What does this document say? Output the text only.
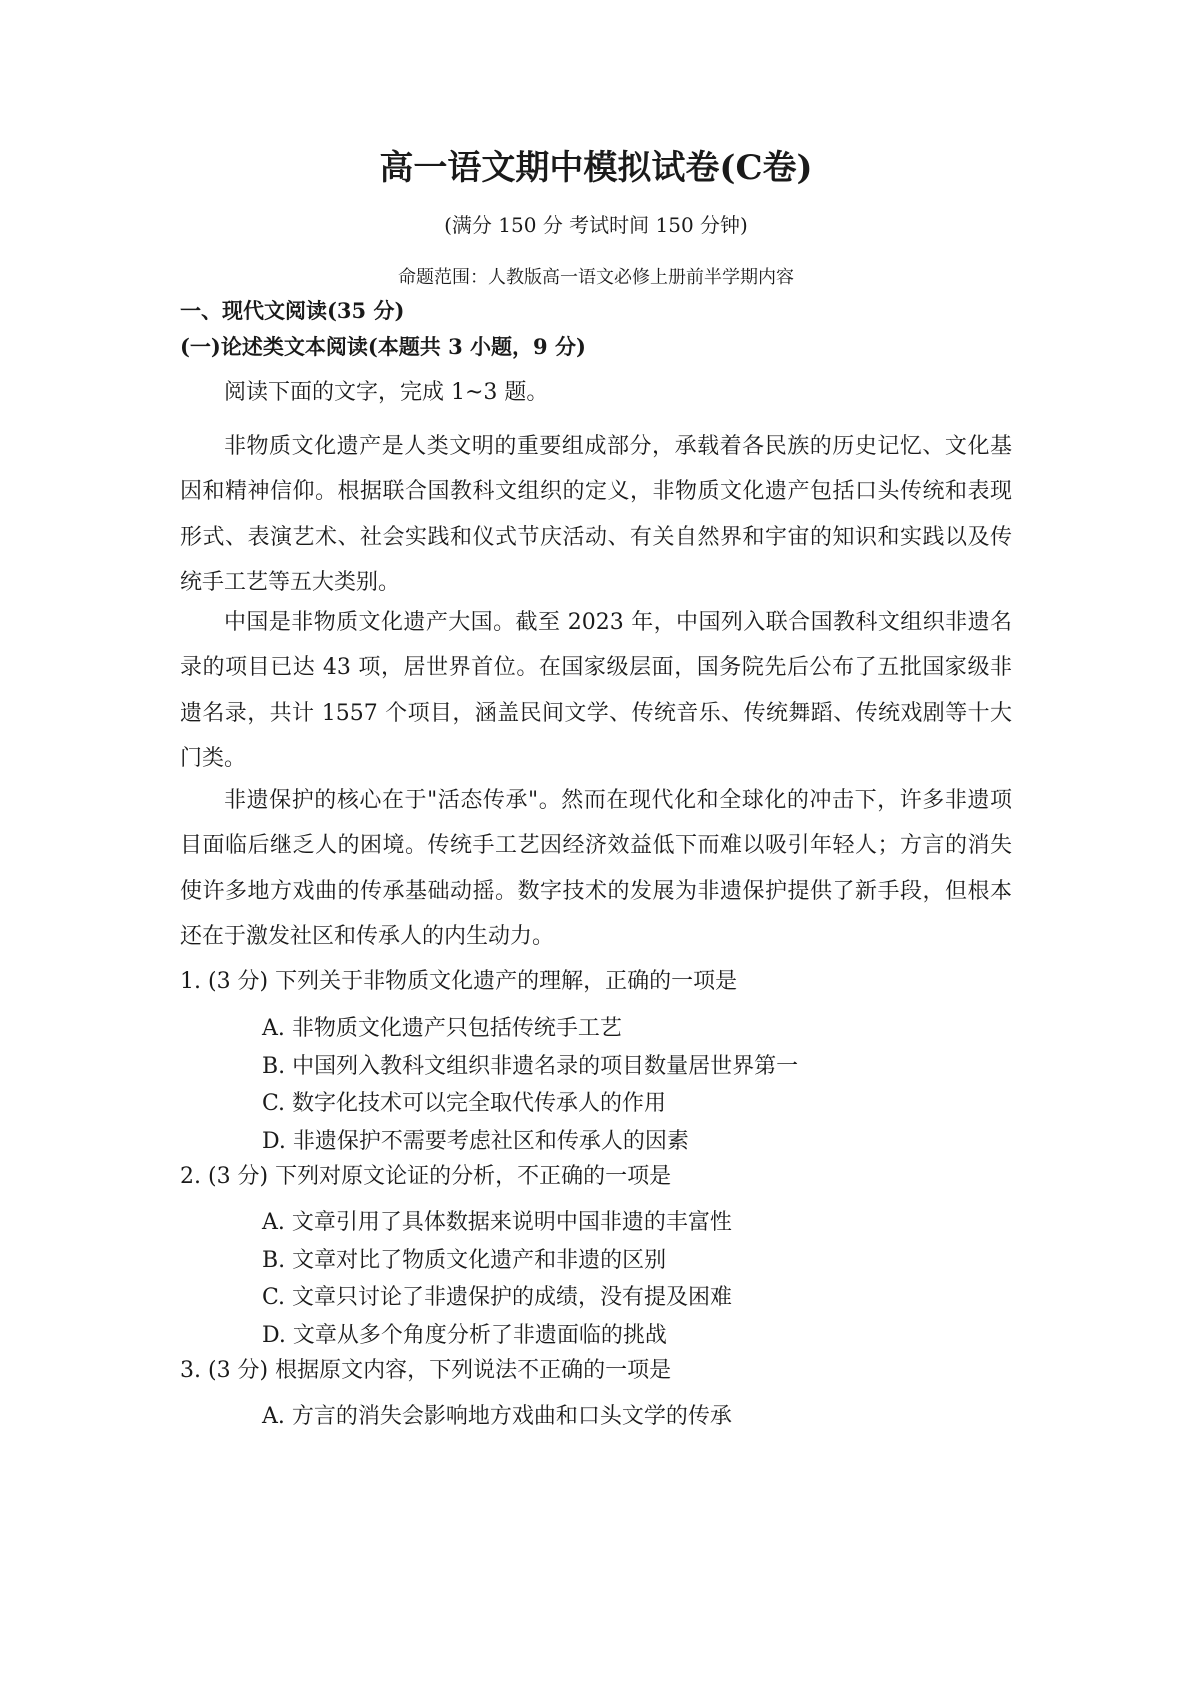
高一语文期中模拟试卷(C卷)
(满分 150 分 考试时间 150 分钟)
命题范围：人教版高一语文必修上册前半学期内容
一、现代文阅读(35 分)
(一)论述类文本阅读(本题共 3 小题，9 分)
阅读下面的文字，完成 1~3 题。
非物质文化遗产是人类文明的重要组成部分，承载着各民族的历史记忆、文化基因和精神信仰。根据联合国教科文组织的定义，非物质文化遗产包括口头传统和表现形式、表演艺术、社会实践和仪式节庆活动、有关自然界和宇宙的知识和实践以及传统手工艺等五大类别。
中国是非物质文化遗产大国。截至 2023 年，中国列入联合国教科文组织非遗名录的项目已达 43 项，居世界首位。在国家级层面，国务院先后公布了五批国家级非遗名录，共计 1557 个项目，涵盖民间文学、传统音乐、传统舞蹈、传统戏剧等十大门类。
非遗保护的核心在于"活态传承"。然而在现代化和全球化的冲击下，许多非遗项目面临后继乏人的困境。传统手工艺因经济效益低下而难以吸引年轻人；方言的消失使许多地方戏曲的传承基础动摇。数字技术的发展为非遗保护提供了新手段，但根本还在于激发社区和传承人的内生动力。
1. (3 分) 下列关于非物质文化遗产的理解，正确的一项是
A. 非物质文化遗产只包括传统手工艺
B. 中国列入教科文组织非遗名录的项目数量居世界第一
C. 数字化技术可以完全取代传承人的作用
D. 非遗保护不需要考虑社区和传承人的因素
2. (3 分) 下列对原文论证的分析，不正确的一项是
A. 文章引用了具体数据来说明中国非遗的丰富性
B. 文章对比了物质文化遗产和非遗的区别
C. 文章只讨论了非遗保护的成绩，没有提及困难
D. 文章从多个角度分析了非遗面临的挑战
3. (3 分) 根据原文内容，下列说法不正确的一项是
A. 方言的消失会影响地方戏曲和口头文学的传承
